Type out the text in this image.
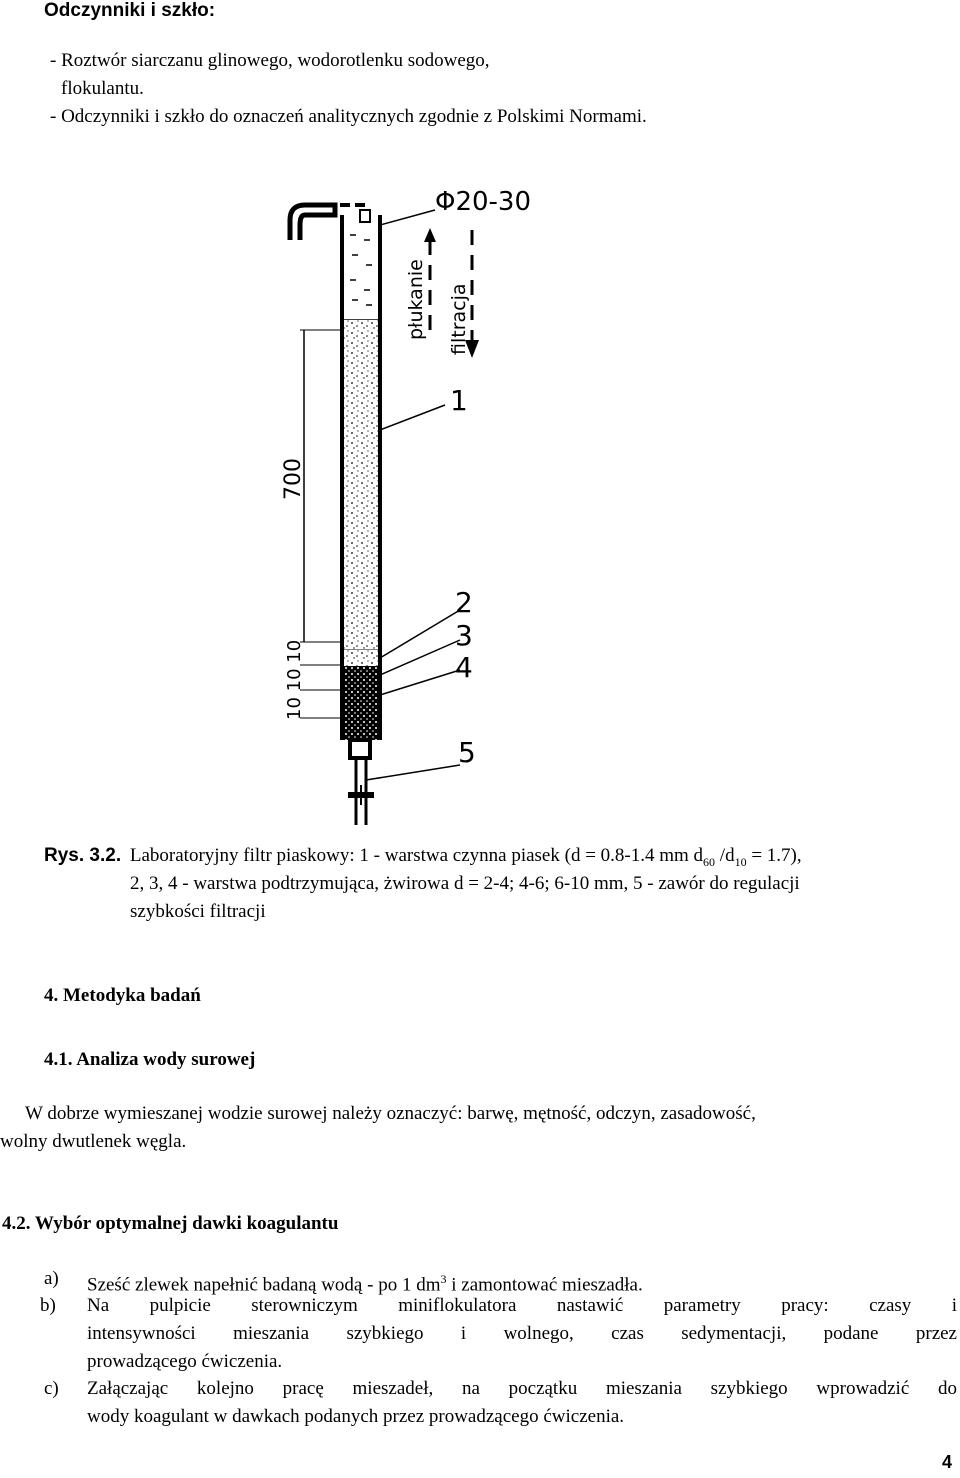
Odczynniki i szkło:
- Roztwór siarczanu glinowego, wodorotlenku sodowego,
flokulantu.
- Odczynniki i szkło do oznaczeń analitycznych zgodnie z Polskimi Normami.
Φ20-30
płukanie filtracja
700
10 10 10
1
2
3
4
5
Rys. 3.2. Laboratoryjny filtr piaskowy: 1 - warstwa czynna piasek (d = 0.8-1.4 mm $d_{60}$ $/d_{10} = 1.7$),
2, 3, 4 - warstwa podtrzymująca, żwirowa d = 2-4; 4-6; 6-10 mm, 5 - zawór do regulacji
szybkości filtracji
4. Metodyka badań
4.1. Analiza wody surowej
W dobrze wymieszanej wodzie surowej należy oznaczyć: barwę, mętność, odczyn, zasadowość,
wolny dwutlenek węgla.
4.2. Wybór optymalnej dawki koagulantu
a) Sześć zlewek napełnić badaną wodą - po 1 $dm^3$ i zamontować mieszadła.
b) Na pulpicie sterowniczym miniflokulatora nastawić parametry pracy: czasy i
intensywności mieszania szybkiego i wolnego, czas sedymentacji, podane przez
prowadzącego ćwiczenia.
c) Załączając kolejno pracę mieszadeł, na początku mieszania szybkiego wprowadzić do
wody koagulant w dawkach podanych przez prowadzącego ćwiczenia.
4
